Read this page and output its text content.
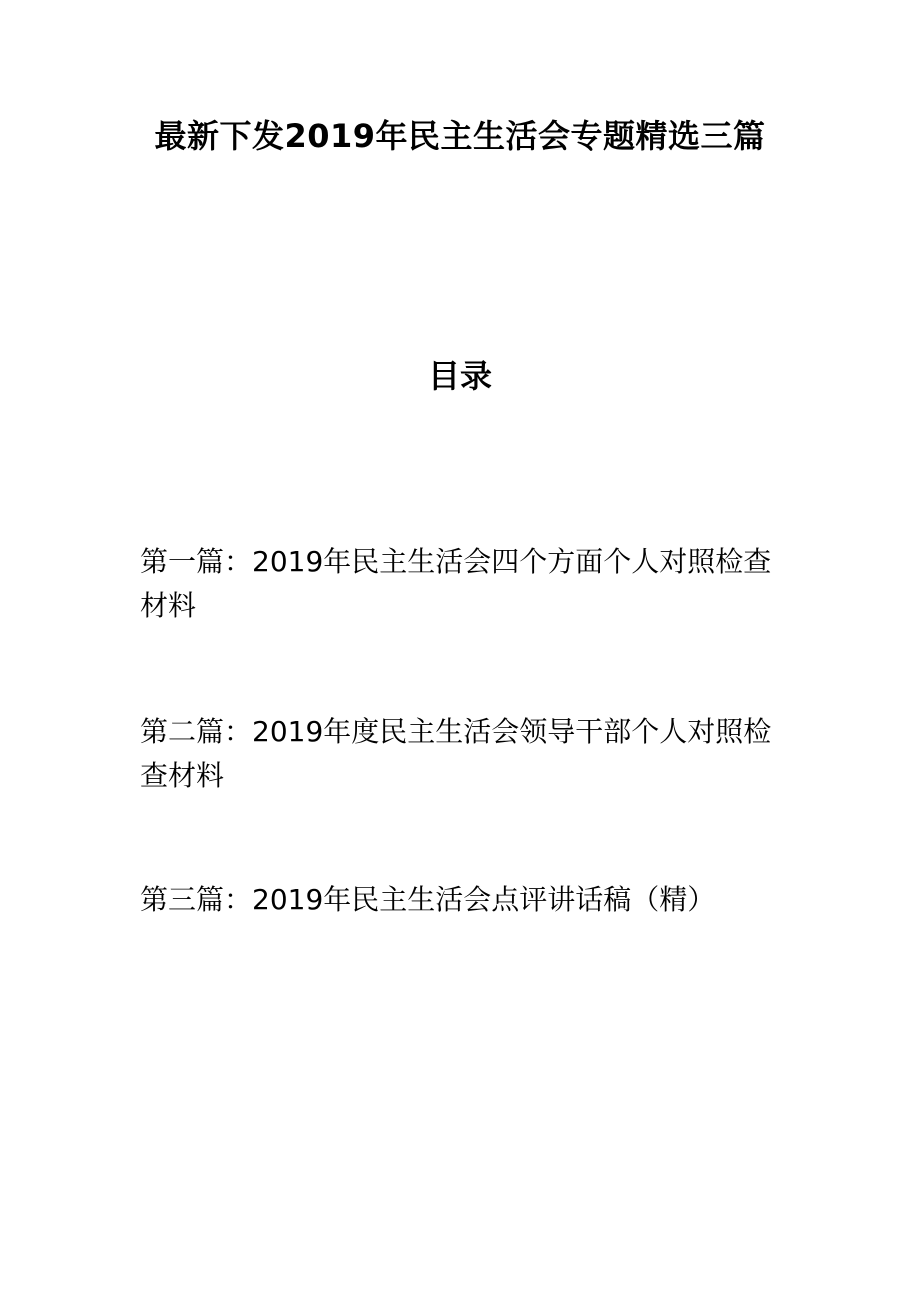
最新下发2019年民主生活会专题精选三篇
目录
第一篇：2019年民主生活会四个方面个人对照检查材料
第二篇：2019年度民主生活会领导干部个人对照检查材料
第三篇：2019年民主生活会点评讲话稿（精）
